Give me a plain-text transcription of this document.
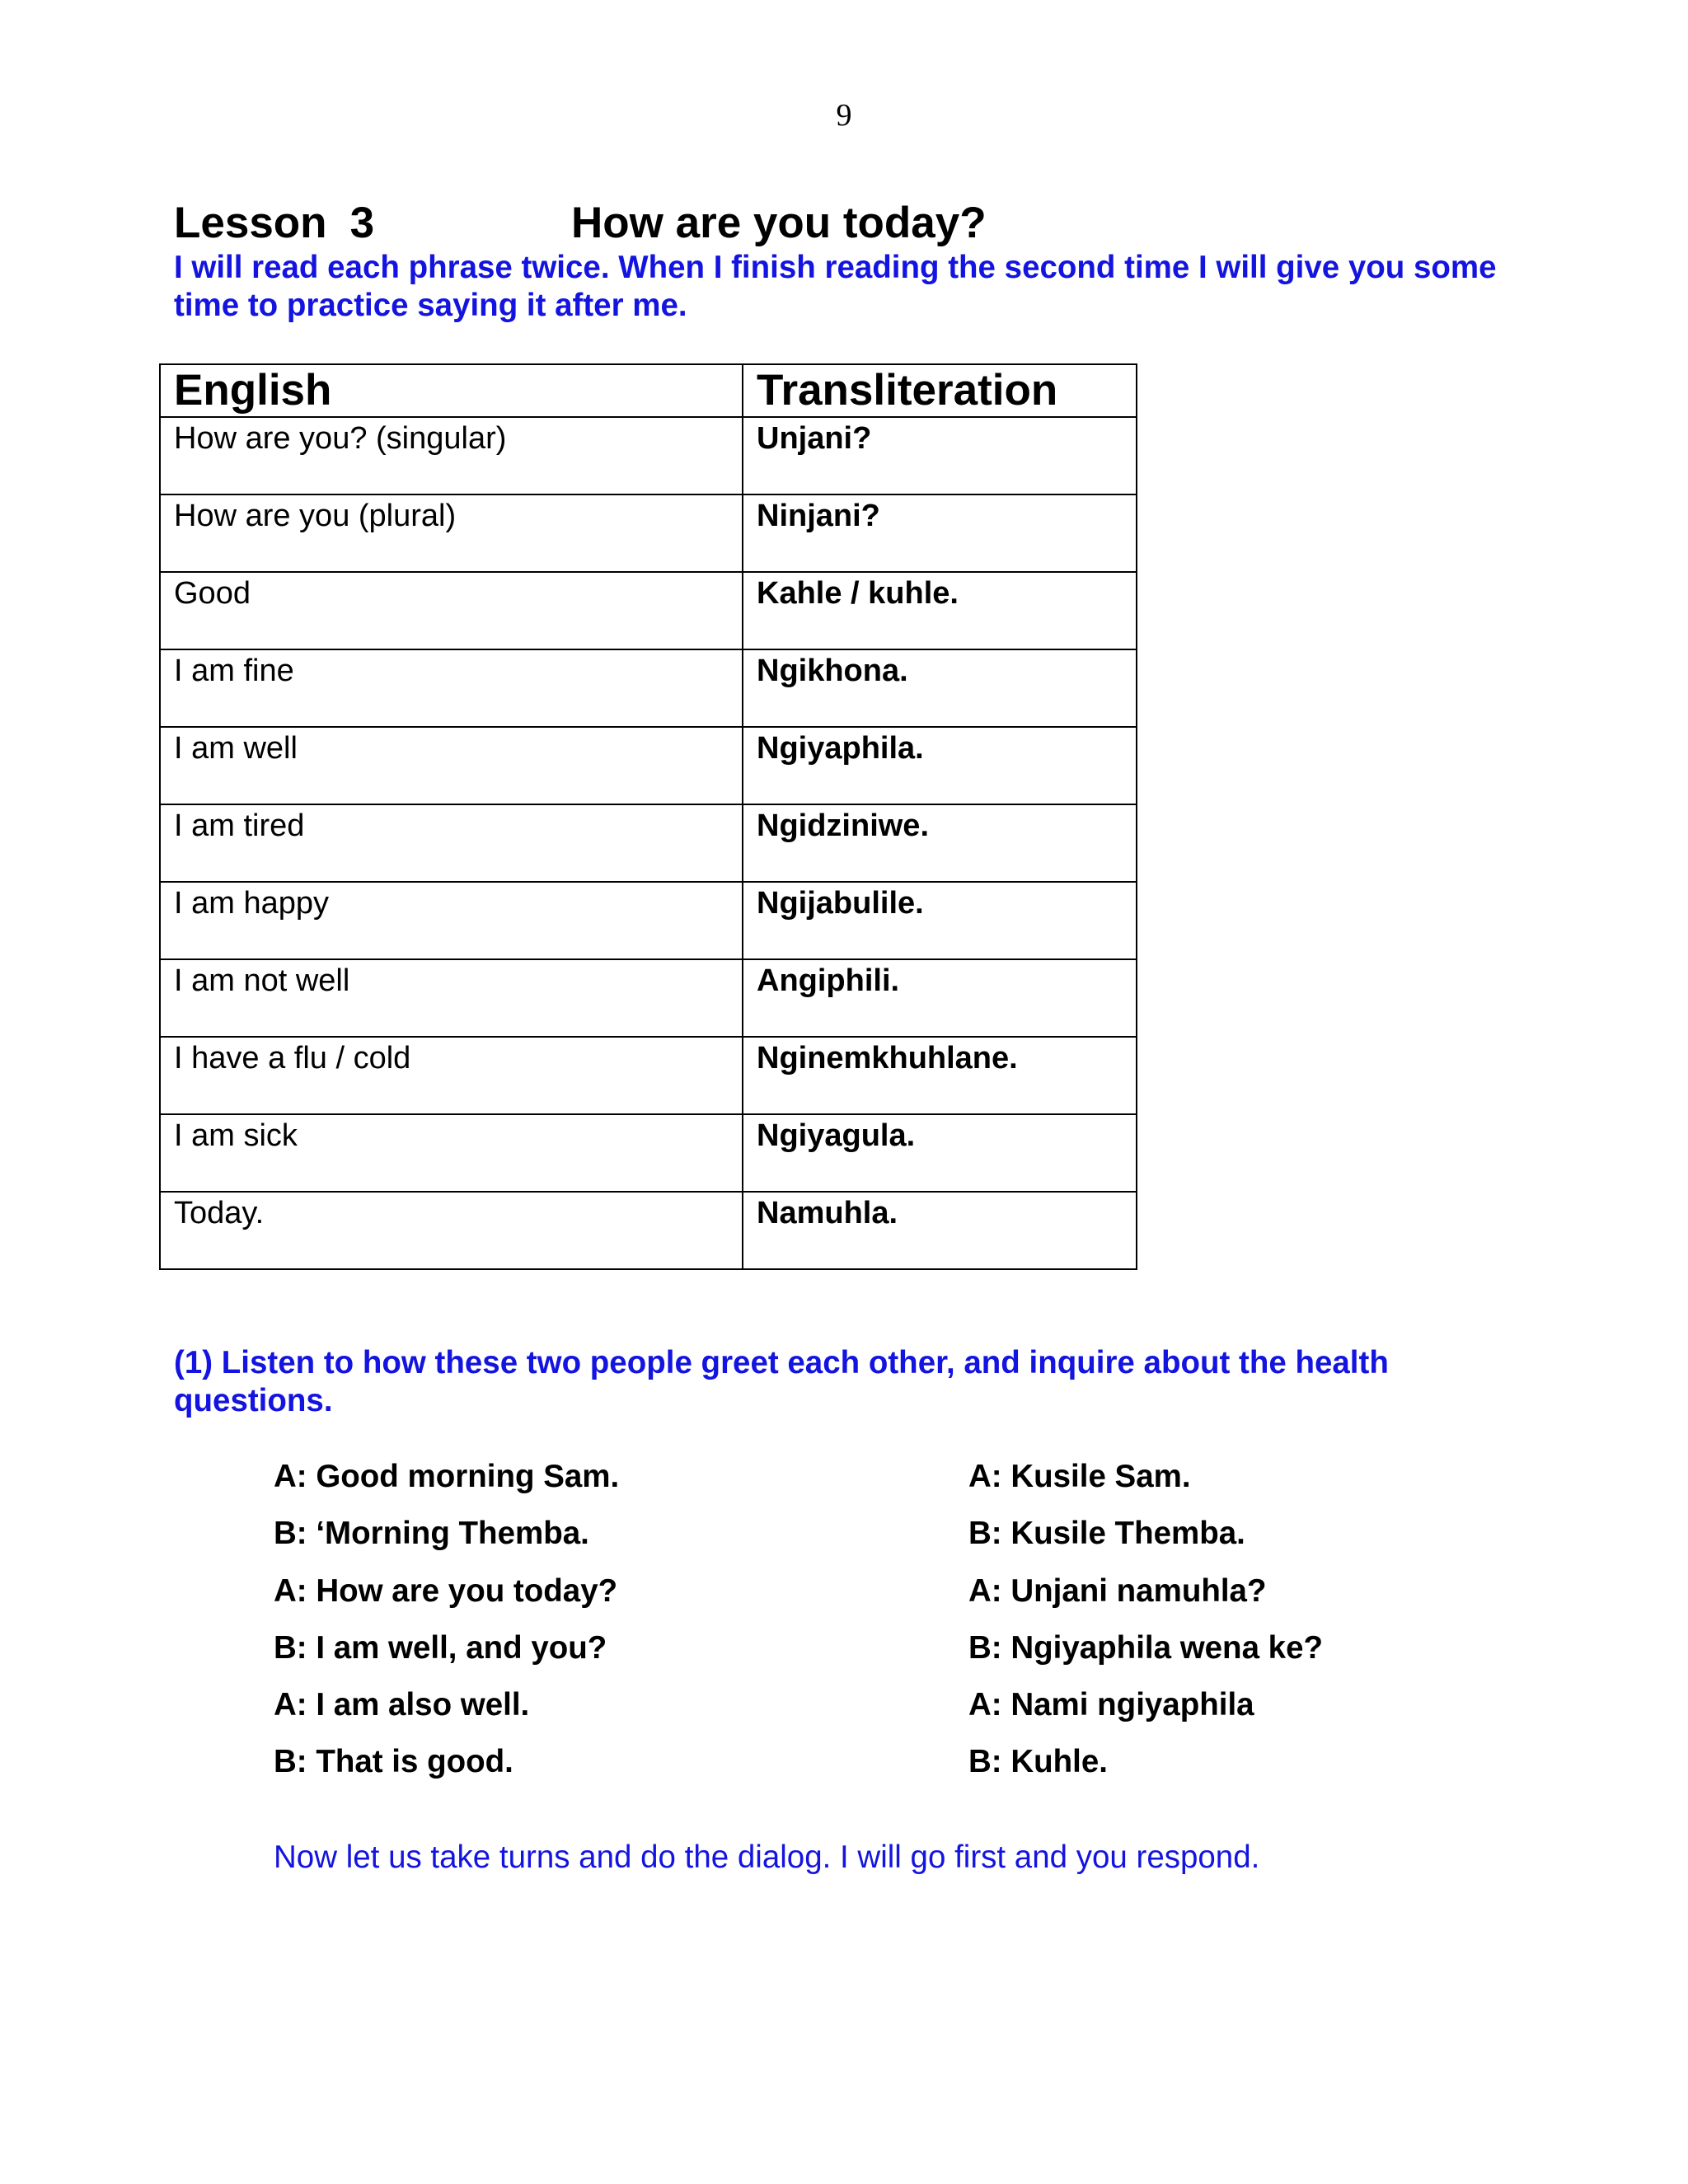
9
Lesson 3	How are you today?
I will read each phrase twice. When I finish reading the second time I will give you some time to practice saying it after me.
English	Transliteration
How are you? (singular)	Unjani?
How are you (plural)	Ninjani?
Good	Kahle / kuhle.
I am fine	Ngikhona.
I am well	Ngiyaphila.
I am tired	Ngidziniwe.
I am happy	Ngijabulile.
I am not well	Angiphili.
I have a flu / cold	Nginemkhuhlane.
I am sick	Ngiyagula.
Today.	Namuhla.
(1) Listen to how these two people greet each other, and inquire about the health questions.
A: Good morning Sam.
B: ‘Morning Themba.
A: How are you today?
B: I am well, and you?
A: I am also well.
B: That is good.
A: Kusile Sam.
B: Kusile Themba.
A: Unjani namuhla?
B: Ngiyaphila wena ke?
A: Nami ngiyaphila
B: Kuhle.
Now let us take turns and do the dialog. I will go first and you respond.
